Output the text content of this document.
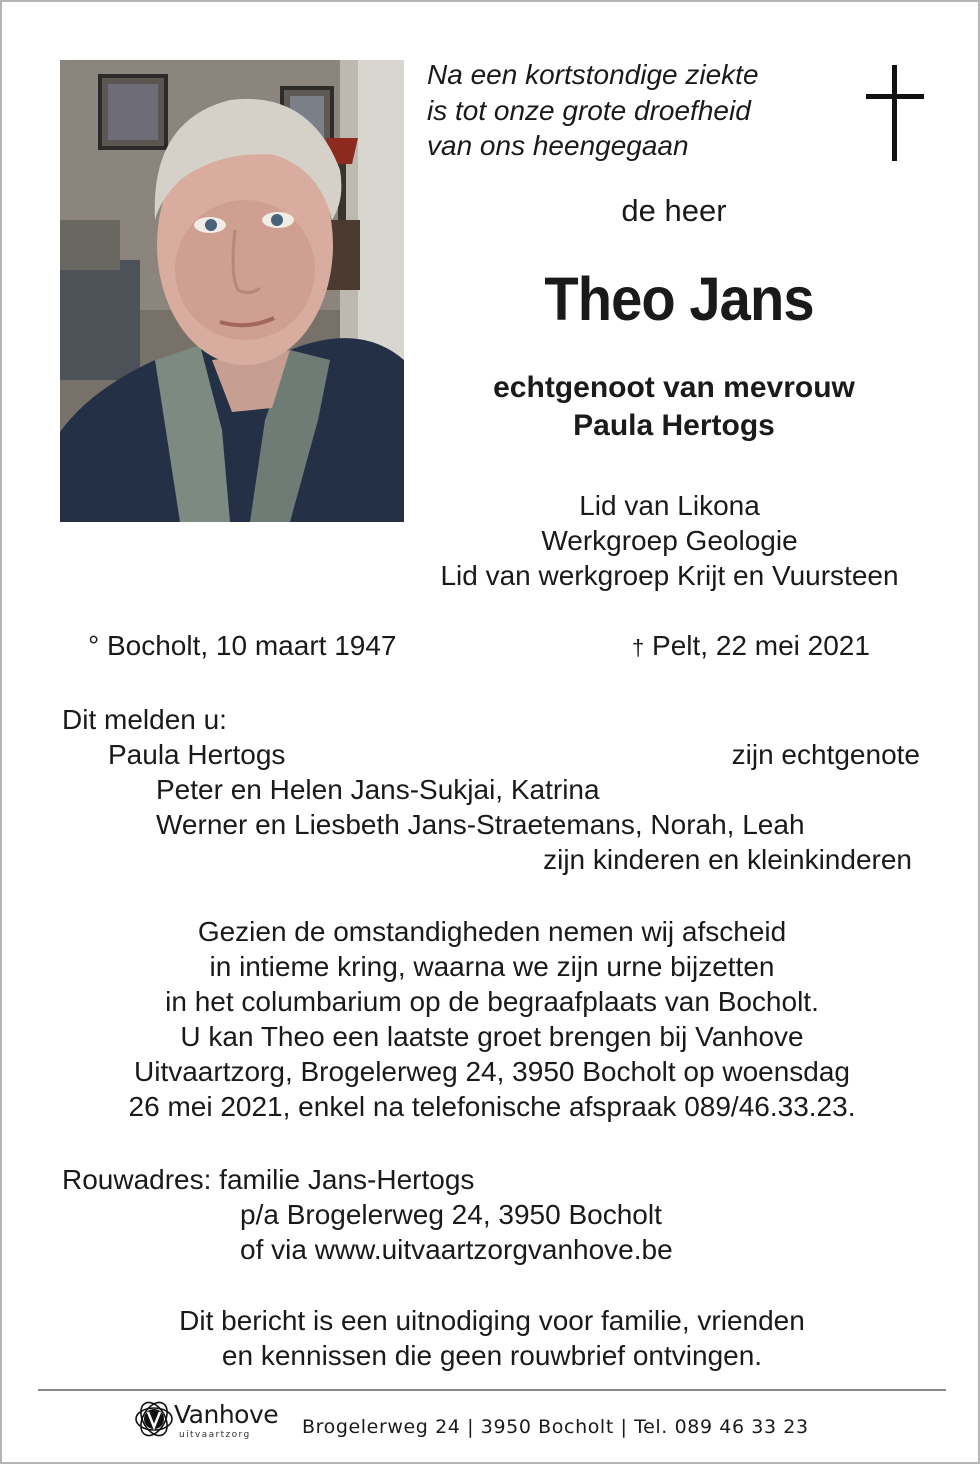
Na een kortstondige ziekte
is tot onze grote droefheid
van ons heengegaan
de heer
Theo Jans
echtgenoot van mevrouw
Paula Hertogs
Lid van Likona
Werkgroep Geologie
Lid van werkgroep Krijt en Vuursteen
° Bocholt, 10 maart 1947	† Pelt, 22 mei 2021
Dit melden u:
Paula Hertogs	zijn echtgenote
Peter en Helen Jans-Sukjai, Katrina
Werner en Liesbeth Jans-Straetemans, Norah, Leah
zijn kinderen en kleinkinderen
Gezien de omstandigheden nemen wij afscheid
in intieme kring, waarna we zijn urne bijzetten
in het columbarium op de begraafplaats van Bocholt.
U kan Theo een laatste groet brengen bij Vanhove
Uitvaartzorg, Brogelerweg 24, 3950 Bocholt op woensdag
26 mei 2021, enkel na telefonische afspraak 089/46.33.23.
Rouwadres: familie Jans-Hertogs
p/a Brogelerweg 24, 3950 Bocholt
of via www.uitvaartzorgvanhove.be
Dit bericht is een uitnodiging voor familie, vrienden
en kennissen die geen rouwbrief ontvingen.
Vanhove
uitvaartzorg	Brogelerweg 24 | 3950 Bocholt | Tel. 089 46 33 23
